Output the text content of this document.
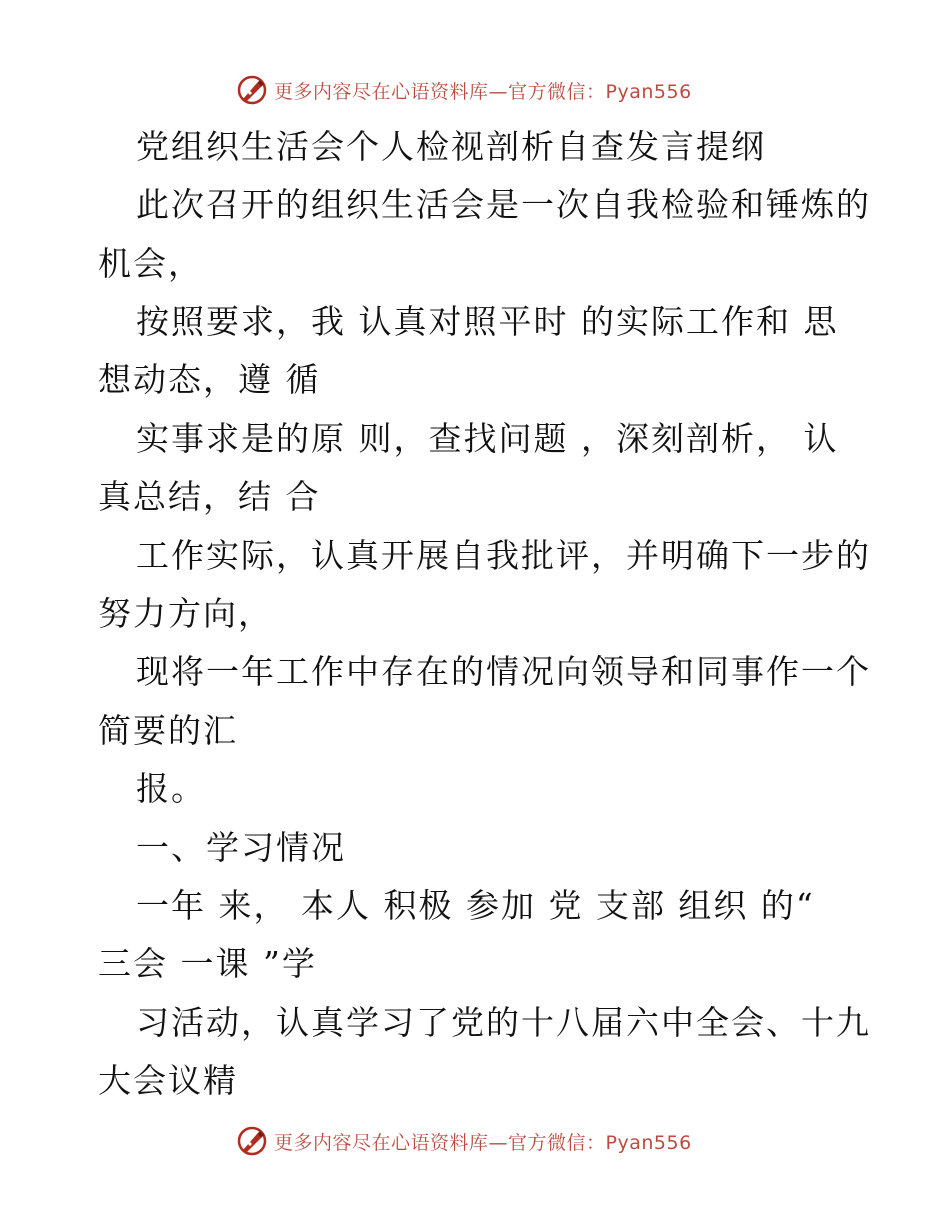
更多内容尽在心语资料库—官方微信：Pyan556
党组织生活会个人检视剖析自查发言提纲
此次召开的组织生活会是一次自我检验和锤炼的
机会，
按照要求，我 认真对照平时 的实际工作和 思
想动态，遵 循
实事求是的原 则，查找问题 ，深刻剖析， 认
真总结，结 合
工作实际，认真开展自我批评，并明确下一步的
努力方向，
现将一年工作中存在的情况向领导和同事作一个
简要的汇
报。
一、学习情况
一年 来， 本人 积极 参加 党 支部 组织 的“
三会 一课 ”学
习活动，认真学习了党的十八届六中全会、十九
大会议精
更多内容尽在心语资料库—官方微信：Pyan556
